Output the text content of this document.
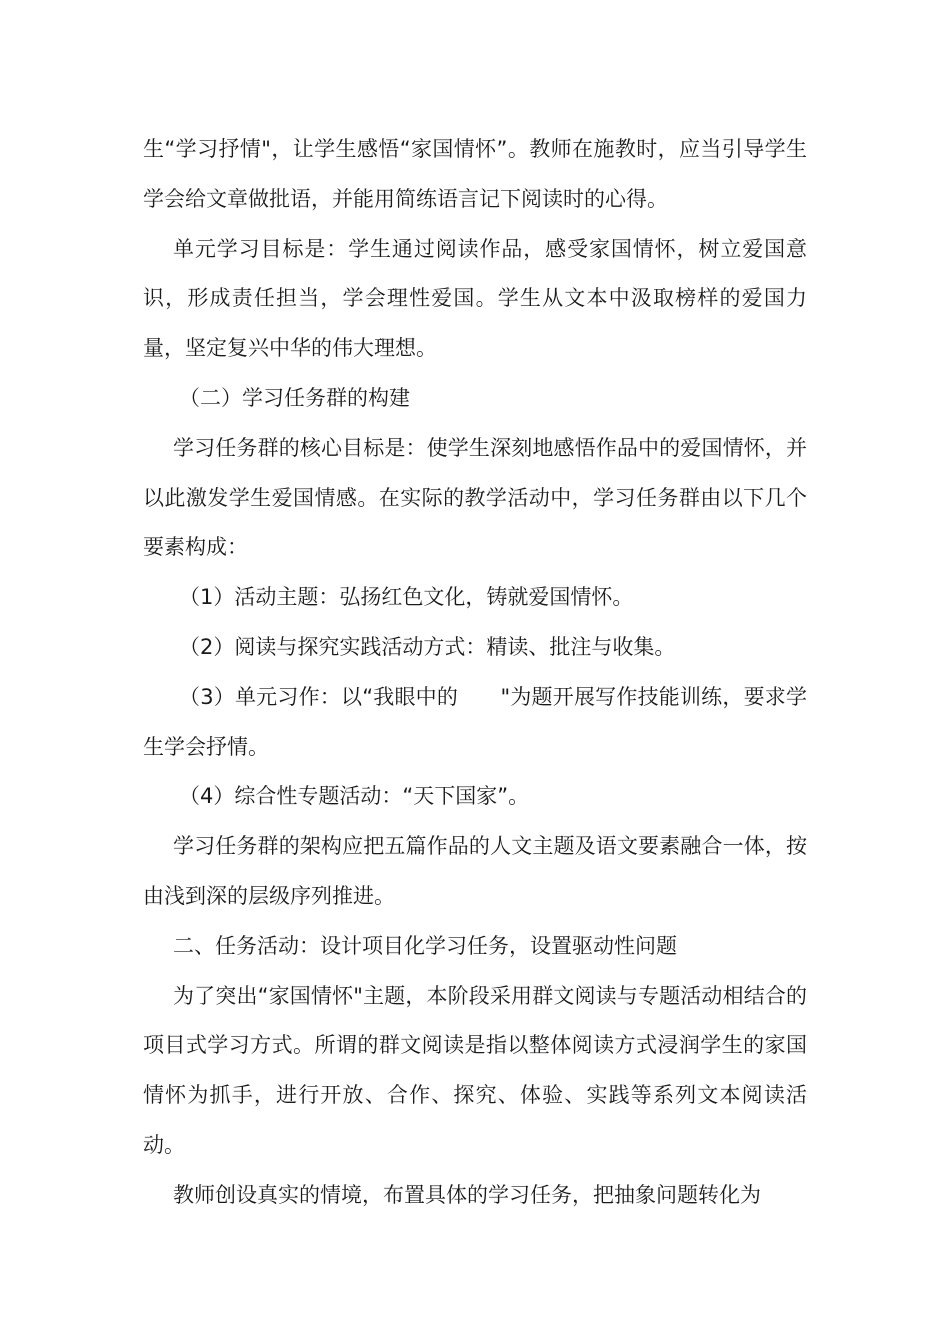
生“学习抒情"，让学生感悟“家国情怀”。教师在施教时，应当引导学生学会给文章做批语，并能用简练语言记下阅读时的心得。

单元学习目标是：学生通过阅读作品，感受家国情怀，树立爱国意识，形成责任担当，学会理性爱国。学生从文本中汲取榜样的爱国力量，坚定复兴中华的伟大理想。

（二）学习任务群的构建

学习任务群的核心目标是：使学生深刻地感悟作品中的爱国情怀，并以此激发学生爱国情感。在实际的教学活动中，学习任务群由以下几个要素构成：

（1）活动主题：弘扬红色文化，铸就爱国情怀。

（2）阅读与探究实践活动方式：精读、批注与收集。

（3）单元习作：以“我眼中的　　"为题开展写作技能训练，要求学生学会抒情。

（4）综合性专题活动：“天下国家”。

学习任务群的架构应把五篇作品的人文主题及语文要素融合一体，按由浅到深的层级序列推进。

二、任务活动：设计项目化学习任务，设置驱动性问题

为了突出“家国情怀"主题，本阶段采用群文阅读与专题活动相结合的项目式学习方式。所谓的群文阅读是指以整体阅读方式浸润学生的家国情怀为抓手，进行开放、合作、探究、体验、实践等系列文本阅读活动。

教师创设真实的情境，布置具体的学习任务，把抽象问题转化为
